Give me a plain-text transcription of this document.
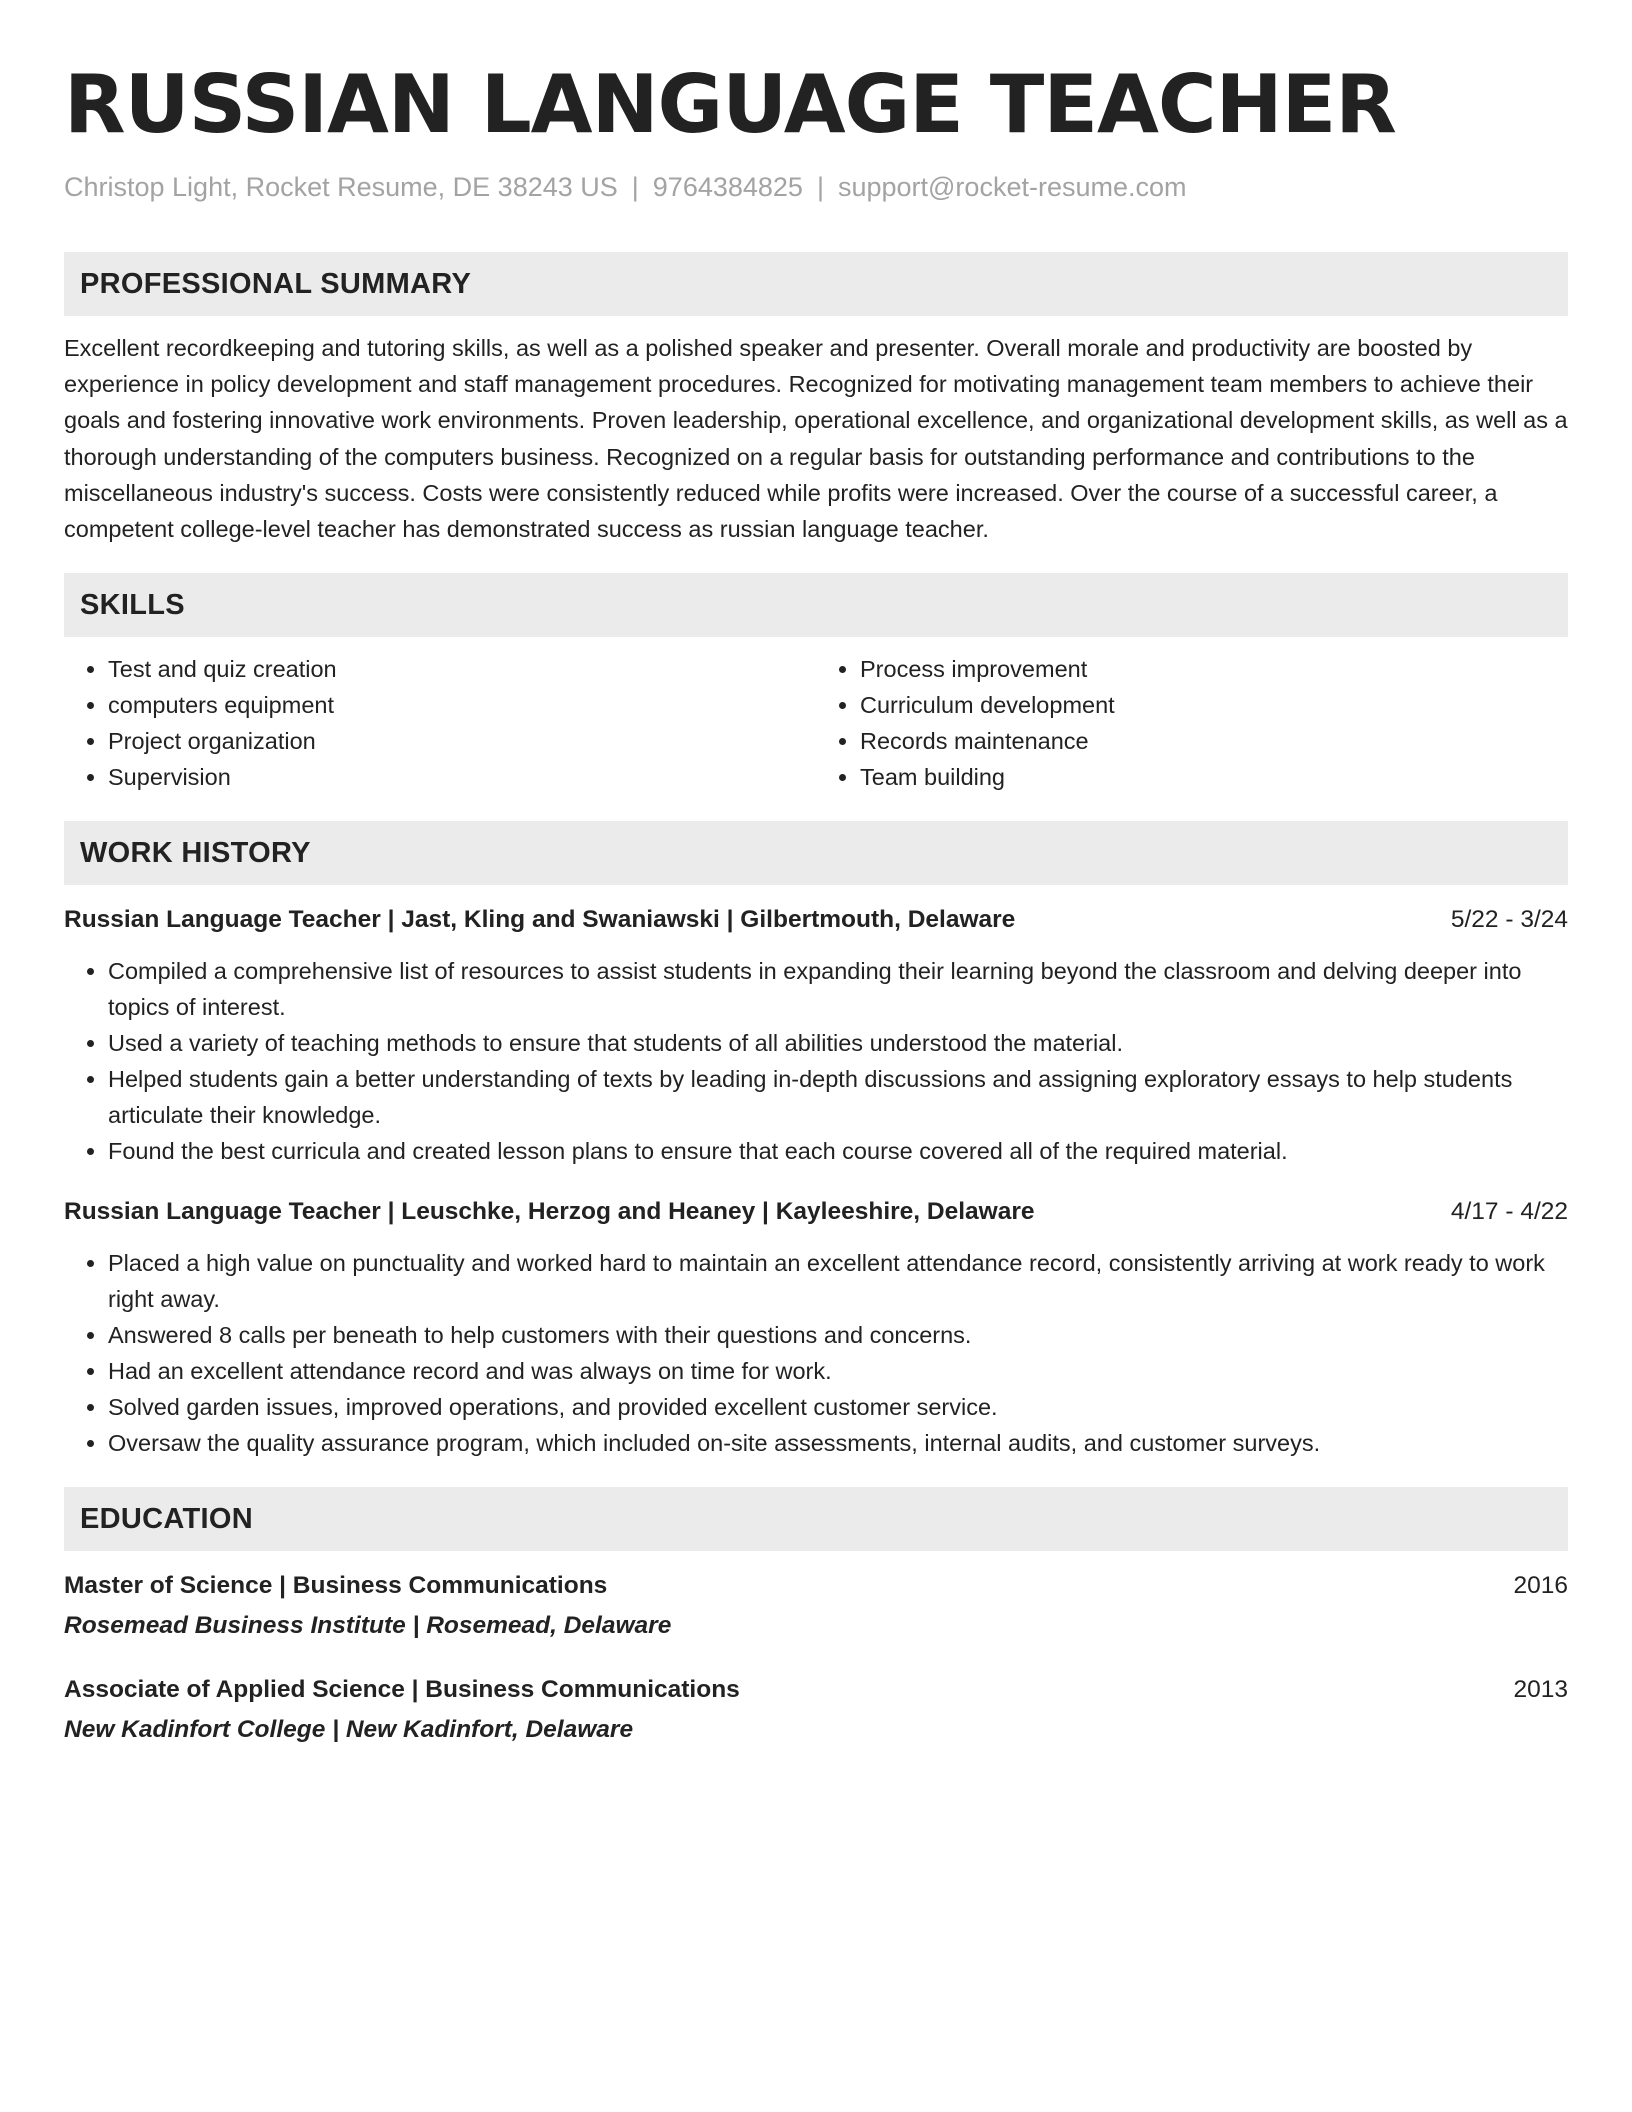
RUSSIAN LANGUAGE TEACHER
Christop Light, Rocket Resume, DE 38243 US | 9764384825 | support@rocket-resume.com
PROFESSIONAL SUMMARY
Excellent recordkeeping and tutoring skills, as well as a polished speaker and presenter. Overall morale and productivity are boosted by experience in policy development and staff management procedures. Recognized for motivating management team members to achieve their goals and fostering innovative work environments. Proven leadership, operational excellence, and organizational development skills, as well as a thorough understanding of the computers business. Recognized on a regular basis for outstanding performance and contributions to the miscellaneous industry's success. Costs were consistently reduced while profits were increased. Over the course of a successful career, a competent college-level teacher has demonstrated success as russian language teacher.
SKILLS
• Test and quiz creation
• computers equipment
• Project organization
• Supervision
• Process improvement
• Curriculum development
• Records maintenance
• Team building
WORK HISTORY
Russian Language Teacher | Jast, Kling and Swaniawski | Gilbertmouth, Delaware	5/22 - 3/24
• Compiled a comprehensive list of resources to assist students in expanding their learning beyond the classroom and delving deeper into topics of interest.
• Used a variety of teaching methods to ensure that students of all abilities understood the material.
• Helped students gain a better understanding of texts by leading in-depth discussions and assigning exploratory essays to help students articulate their knowledge.
• Found the best curricula and created lesson plans to ensure that each course covered all of the required material.
Russian Language Teacher | Leuschke, Herzog and Heaney | Kayleeshire, Delaware	4/17 - 4/22
• Placed a high value on punctuality and worked hard to maintain an excellent attendance record, consistently arriving at work ready to work right away.
• Answered 8 calls per beneath to help customers with their questions and concerns.
• Had an excellent attendance record and was always on time for work.
• Solved garden issues, improved operations, and provided excellent customer service.
• Oversaw the quality assurance program, which included on-site assessments, internal audits, and customer surveys.
EDUCATION
Master of Science | Business Communications	2016
Rosemead Business Institute | Rosemead, Delaware
Associate of Applied Science | Business Communications	2013
New Kadinfort College | New Kadinfort, Delaware
